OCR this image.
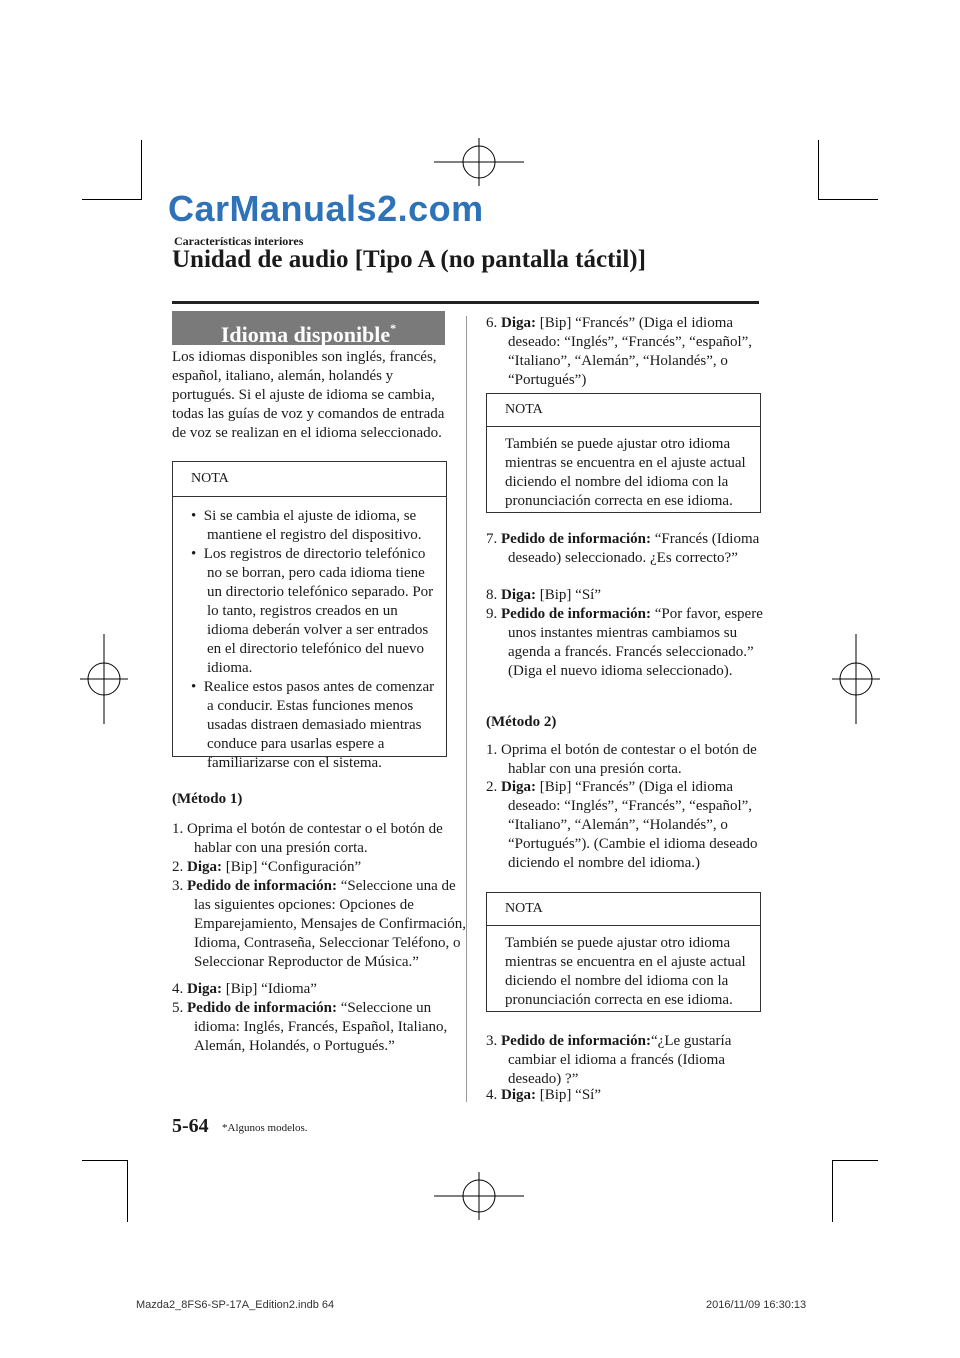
CarManuals2.com
Características interiores
Unidad de audio [Tipo A (no pantalla táctil)]
Idioma disponible*
Los idiomas disponibles son inglés, francés, español, italiano, alemán, holandés y portugués. Si el ajuste de idioma se cambia, todas las guías de voz y comandos de entrada de voz se realizan en el idioma seleccionado.
NOTA
•  Si se cambia el ajuste de idioma, se mantiene el registro del dispositivo.
•  Los registros de directorio telefónico no se borran, pero cada idioma tiene un directorio telefónico separado. Por lo tanto, registros creados en un idioma deberán volver a ser entrados en el directorio telefónico del nuevo idioma.
•  Realice estos pasos antes de comenzar a conducir. Estas funciones menos usadas distraen demasiado mientras conduce para usarlas espere a familiarizarse con el sistema.
(Método 1)
1. Oprima el botón de contestar o el botón de hablar con una presión corta.
2. Diga: [Bip] “Configuración”
3. Pedido de información: “Seleccione una de las siguientes opciones: Opciones de Emparejamiento, Mensajes de Confirmación, Idioma, Contraseña, Seleccionar Teléfono, o Seleccionar Reproductor de Música.”
4. Diga: [Bip] “Idioma”
5. Pedido de información: “Seleccione un idioma: Inglés, Francés, Español, Italiano, Alemán, Holandés, o Portugués.”
6. Diga: [Bip] “Francés” (Diga el idioma deseado: “Inglés”, “Francés”, “español”, “Italiano”, “Alemán”, “Holandés”, o “Portugués”)
NOTA
También se puede ajustar otro idioma mientras se encuentra en el ajuste actual diciendo el nombre del idioma con la pronunciación correcta en ese idioma.
7. Pedido de información: “Francés (Idioma deseado) seleccionado. ¿Es correcto?”
8. Diga: [Bip] “Sí”
9. Pedido de información: “Por favor, espere unos instantes mientras cambiamos su agenda a francés. Francés seleccionado.” (Diga el nuevo idioma seleccionado).
(Método 2)
1. Oprima el botón de contestar o el botón de hablar con una presión corta.
2. Diga: [Bip] “Francés” (Diga el idioma deseado: “Inglés”, “Francés”, “español”, “Italiano”, “Alemán”, “Holandés”, o “Portugués”). (Cambie el idioma deseado diciendo el nombre del idioma.)
NOTA
También se puede ajustar otro idioma mientras se encuentra en el ajuste actual diciendo el nombre del idioma con la pronunciación correcta en ese idioma.
3. Pedido de información:“¿Le gustaría cambiar el idioma a francés (Idioma deseado) ?”
4. Diga: [Bip] “Sí”
5-64 *Algunos modelos.
Mazda2_8FS6-SP-17A_Edition2.indb 64	2016/11/09 16:30:13
